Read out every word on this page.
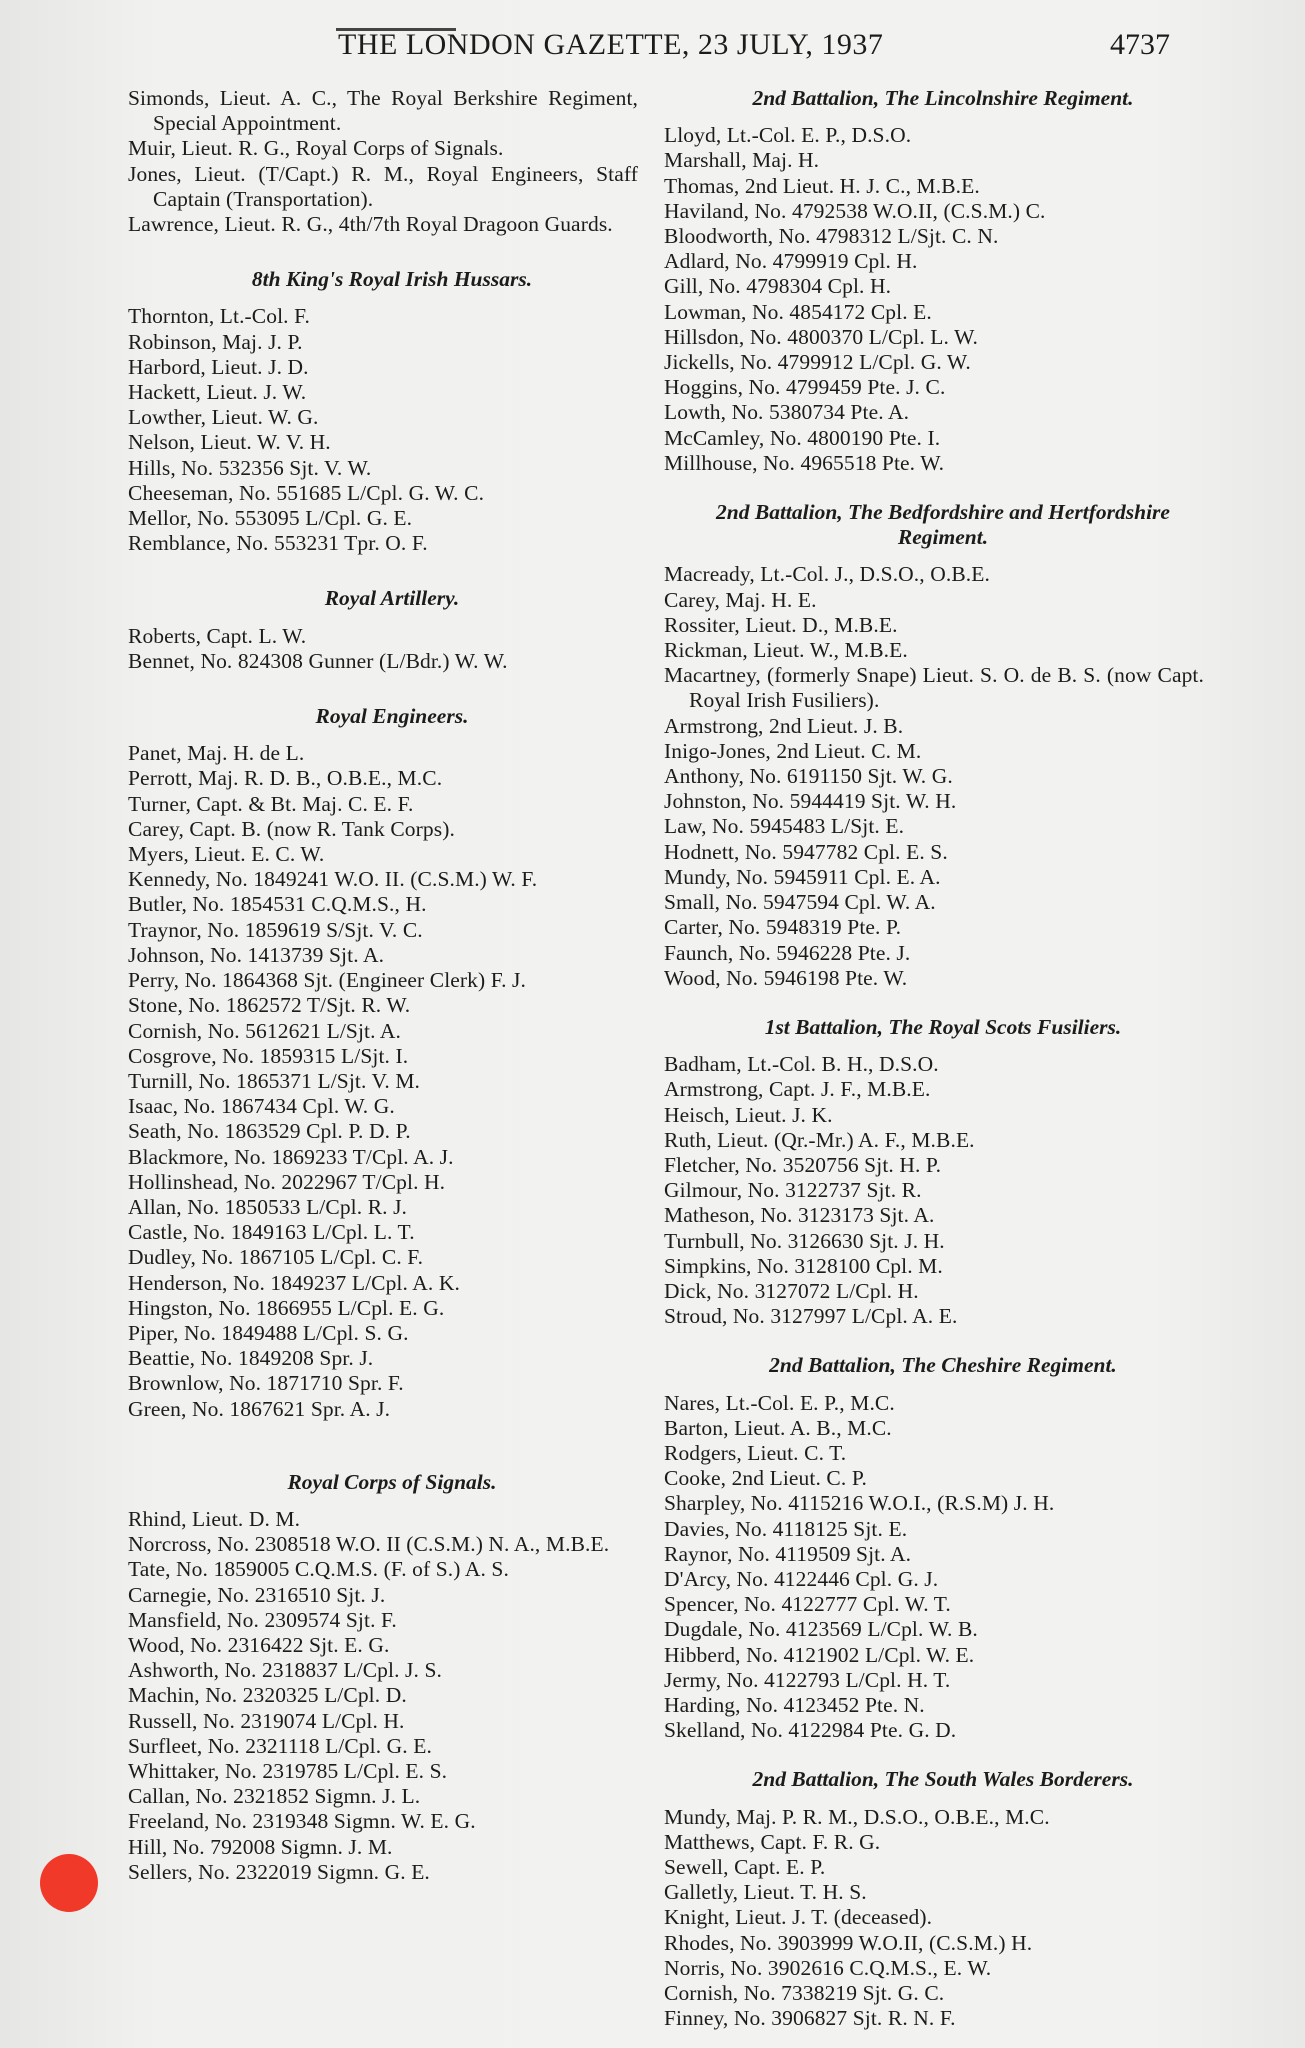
THE LONDON GAZETTE, 23 JULY, 1937	4737
Simonds, Lieut. A. C., The Royal Berkshire Regiment, Special Appointment.
Muir, Lieut. R. G., Royal Corps of Signals.
Jones, Lieut. (T/Capt.) R. M., Royal Engineers, Staff Captain (Transportation).
Lawrence, Lieut. R. G., 4th/7th Royal Dragoon Guards.
8th King's Royal Irish Hussars.
Thornton, Lt.-Col. F.
Robinson, Maj. J. P.
Harbord, Lieut. J. D.
Hackett, Lieut. J. W.
Lowther, Lieut. W. G.
Nelson, Lieut. W. V. H.
Hills, No. 532356 Sjt. V. W.
Cheeseman, No. 551685 L/Cpl. G. W. C.
Mellor, No. 553095 L/Cpl. G. E.
Remblance, No. 553231 Tpr. O. F.
Royal Artillery.
Roberts, Capt. L. W.
Bennet, No. 824308 Gunner (L/Bdr.) W. W.
Royal Engineers.
Panet, Maj. H. de L.
Perrott, Maj. R. D. B., O.B.E., M.C.
Turner, Capt. & Bt. Maj. C. E. F.
Carey, Capt. B. (now R. Tank Corps).
Myers, Lieut. E. C. W.
Kennedy, No. 1849241 W.O. II. (C.S.M.) W. F.
Butler, No. 1854531 C.Q.M.S., H.
Traynor, No. 1859619 S/Sjt. V. C.
Johnson, No. 1413739 Sjt. A.
Perry, No. 1864368 Sjt. (Engineer Clerk) F. J.
Stone, No. 1862572 T/Sjt. R. W.
Cornish, No. 5612621 L/Sjt. A.
Cosgrove, No. 1859315 L/Sjt. I.
Turnill, No. 1865371 L/Sjt. V. M.
Isaac, No. 1867434 Cpl. W. G.
Seath, No. 1863529 Cpl. P. D. P.
Blackmore, No. 1869233 T/Cpl. A. J.
Hollinshead, No. 2022967 T/Cpl. H.
Allan, No. 1850533 L/Cpl. R. J.
Castle, No. 1849163 L/Cpl. L. T.
Dudley, No. 1867105 L/Cpl. C. F.
Henderson, No. 1849237 L/Cpl. A. K.
Hingston, No. 1866955 L/Cpl. E. G.
Piper, No. 1849488 L/Cpl. S. G.
Beattie, No. 1849208 Spr. J.
Brownlow, No. 1871710 Spr. F.
Green, No. 1867621 Spr. A. J.
Royal Corps of Signals.
Rhind, Lieut. D. M.
Norcross, No. 2308518 W.O. II (C.S.M.) N. A., M.B.E.
Tate, No. 1859005 C.Q.M.S. (F. of S.) A. S.
Carnegie, No. 2316510 Sjt. J.
Mansfield, No. 2309574 Sjt. F.
Wood, No. 2316422 Sjt. E. G.
Ashworth, No. 2318837 L/Cpl. J. S.
Machin, No. 2320325 L/Cpl. D.
Russell, No. 2319074 L/Cpl. H.
Surfleet, No. 2321118 L/Cpl. G. E.
Whittaker, No. 2319785 L/Cpl. E. S.
Callan, No. 2321852 Sigmn. J. L.
Freeland, No. 2319348 Sigmn. W. E. G.
Hill, No. 792008 Sigmn. J. M.
Sellers, No. 2322019 Sigmn. G. E.
2nd Battalion, The Lincolnshire Regiment.
Lloyd, Lt.-Col. E. P., D.S.O.
Marshall, Maj. H.
Thomas, 2nd Lieut. H. J. C., M.B.E.
Haviland, No. 4792538 W.O.II, (C.S.M.) C.
Bloodworth, No. 4798312 L/Sjt. C. N.
Adlard, No. 4799919 Cpl. H.
Gill, No. 4798304 Cpl. H.
Lowman, No. 4854172 Cpl. E.
Hillsdon, No. 4800370 L/Cpl. L. W.
Jickells, No. 4799912 L/Cpl. G. W.
Hoggins, No. 4799459 Pte. J. C.
Lowth, No. 5380734 Pte. A.
McCamley, No. 4800190 Pte. I.
Millhouse, No. 4965518 Pte. W.
2nd Battalion, The Bedfordshire and Hertfordshire Regiment.
Macready, Lt.-Col. J., D.S.O., O.B.E.
Carey, Maj. H. E.
Rossiter, Lieut. D., M.B.E.
Rickman, Lieut. W., M.B.E.
Macartney, (formerly Snape) Lieut. S. O. de B. S. (now Capt. Royal Irish Fusiliers).
Armstrong, 2nd Lieut. J. B.
Inigo-Jones, 2nd Lieut. C. M.
Anthony, No. 6191150 Sjt. W. G.
Johnston, No. 5944419 Sjt. W. H.
Law, No. 5945483 L/Sjt. E.
Hodnett, No. 5947782 Cpl. E. S.
Mundy, No. 5945911 Cpl. E. A.
Small, No. 5947594 Cpl. W. A.
Carter, No. 5948319 Pte. P.
Faunch, No. 5946228 Pte. J.
Wood, No. 5946198 Pte. W.
1st Battalion, The Royal Scots Fusiliers.
Badham, Lt.-Col. B. H., D.S.O.
Armstrong, Capt. J. F., M.B.E.
Heisch, Lieut. J. K.
Ruth, Lieut. (Qr.-Mr.) A. F., M.B.E.
Fletcher, No. 3520756 Sjt. H. P.
Gilmour, No. 3122737 Sjt. R.
Matheson, No. 3123173 Sjt. A.
Turnbull, No. 3126630 Sjt. J. H.
Simpkins, No. 3128100 Cpl. M.
Dick, No. 3127072 L/Cpl. H.
Stroud, No. 3127997 L/Cpl. A. E.
2nd Battalion, The Cheshire Regiment.
Nares, Lt.-Col. E. P., M.C.
Barton, Lieut. A. B., M.C.
Rodgers, Lieut. C. T.
Cooke, 2nd Lieut. C. P.
Sharpley, No. 4115216 W.O.I., (R.S.M) J. H.
Davies, No. 4118125 Sjt. E.
Raynor, No. 4119509 Sjt. A.
D'Arcy, No. 4122446 Cpl. G. J.
Spencer, No. 4122777 Cpl. W. T.
Dugdale, No. 4123569 L/Cpl. W. B.
Hibberd, No. 4121902 L/Cpl. W. E.
Jermy, No. 4122793 L/Cpl. H. T.
Harding, No. 4123452 Pte. N.
Skelland, No. 4122984 Pte. G. D.
2nd Battalion, The South Wales Borderers.
Mundy, Maj. P. R. M., D.S.O., O.B.E., M.C.
Matthews, Capt. F. R. G.
Sewell, Capt. E. P.
Galletly, Lieut. T. H. S.
Knight, Lieut. J. T. (deceased).
Rhodes, No. 3903999 W.O.II, (C.S.M.) H.
Norris, No. 3902616 C.Q.M.S., E. W.
Cornish, No. 7338219 Sjt. G. C.
Finney, No. 3906827 Sjt. R. N. F.
